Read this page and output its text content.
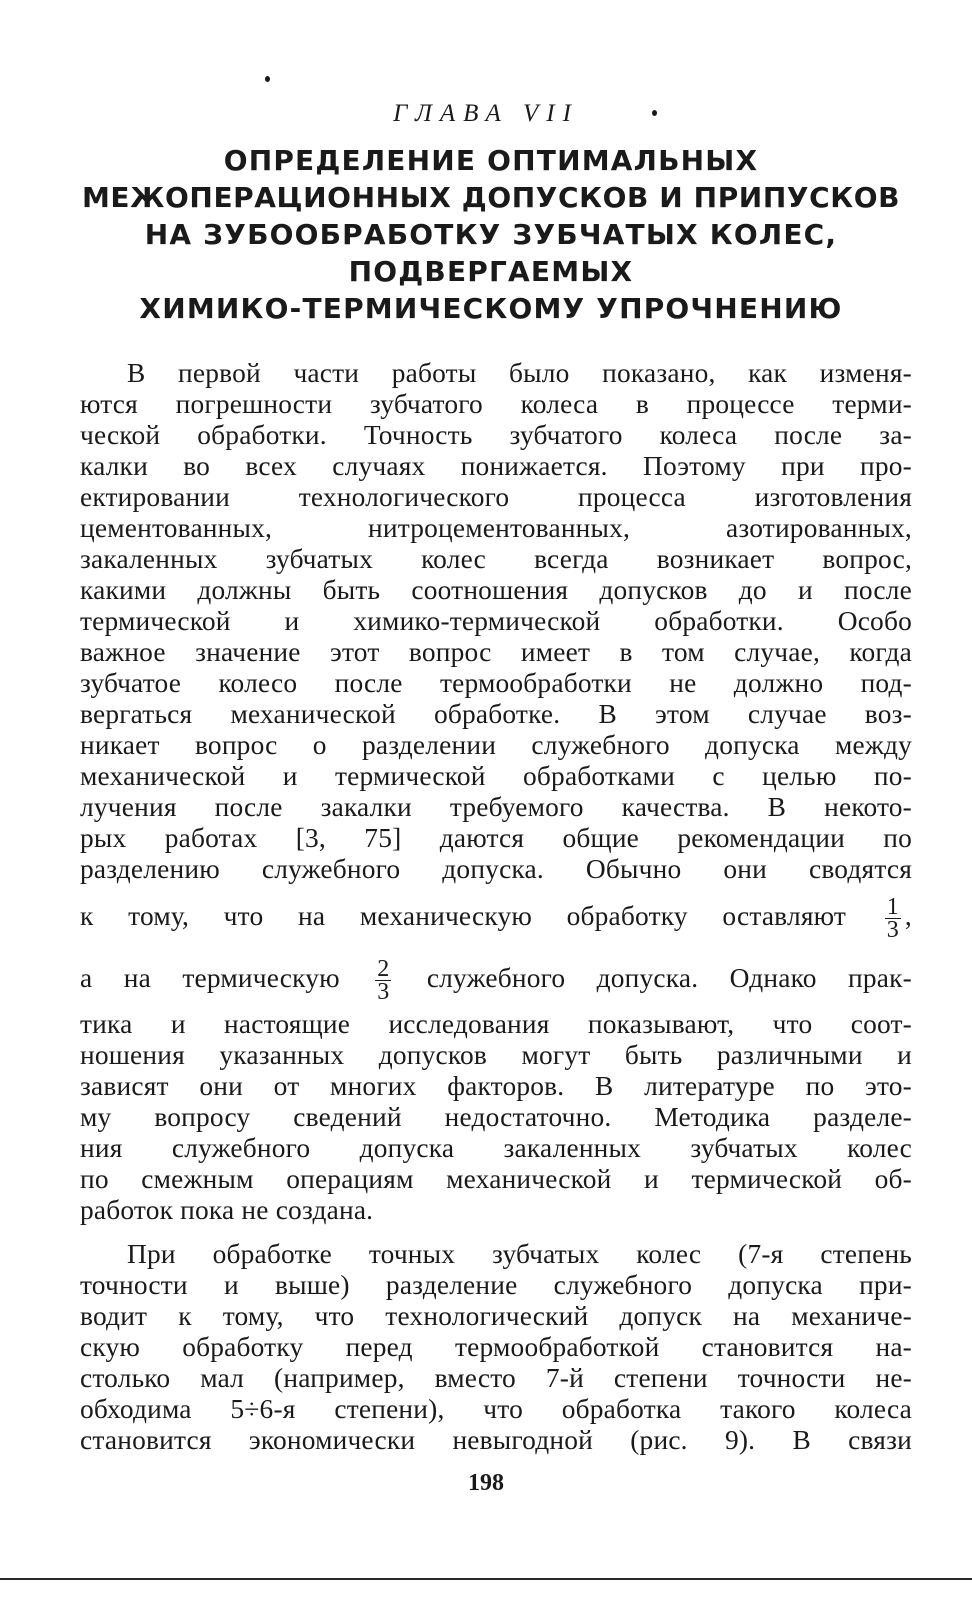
ГЛАВА VII
ОПРЕДЕЛЕНИЕ ОПТИМАЛЬНЫХ
МЕЖОПЕРАЦИОННЫХ ДОПУСКОВ И ПРИПУСКОВ
НА ЗУБООБРАБОТКУ ЗУБЧАТЫХ КОЛЕС,
ПОДВЕРГАЕМЫХ
ХИМИКО-ТЕРМИЧЕСКОМУ УПРОЧНЕНИЮ
В первой части работы было показано, как изменя-
ются погрешности зубчатого колеса в процессе терми-
ческой обработки. Точность зубчатого колеса после за-
калки во всех случаях понижается. Поэтому при про-
ектировании технологического процесса изготовления
цементованных, нитроцементованных, азотированных,
закаленных зубчатых колес всегда возникает вопрос,
какими должны быть соотношения допусков до и после
термической и химико-термической обработки. Особо
важное значение этот вопрос имеет в том случае, когда
зубчатое колесо после термообработки не должно под-
вергаться механической обработке. В этом случае воз-
никает вопрос о разделении служебного допуска между
механической и термической обработками с целью по-
лучения после закалки требуемого качества. В некото-
рых работах [3, 75] даются общие рекомендации по
разделению служебного допуска. Обычно они сводятся
к тому, что на механическую обработку оставляют $\frac{1}{3}$ ,
а на термическую $\frac{2}{3}$ служебного допуска. Однако прак-
тика и настоящие исследования показывают, что соот-
ношения указанных допусков могут быть различными и
зависят они от многих факторов. В литературе по это-
му вопросу сведений недостаточно. Методика разделе-
ния служебного допуска закаленных зубчатых колес
по смежным операциям механической и термической об-
работок пока не создана.
При обработке точных зубчатых колес (7-я степень
точности и выше) разделение служебного допуска при-
водит к тому, что технологический допуск на механиче-
скую обработку перед термообработкой становится на-
столько мал (например, вместо 7-й степени точности не-
обходима 5÷6-я степени), что обработка такого колеса
становится экономически невыгодной (рис. 9). В связи
198
